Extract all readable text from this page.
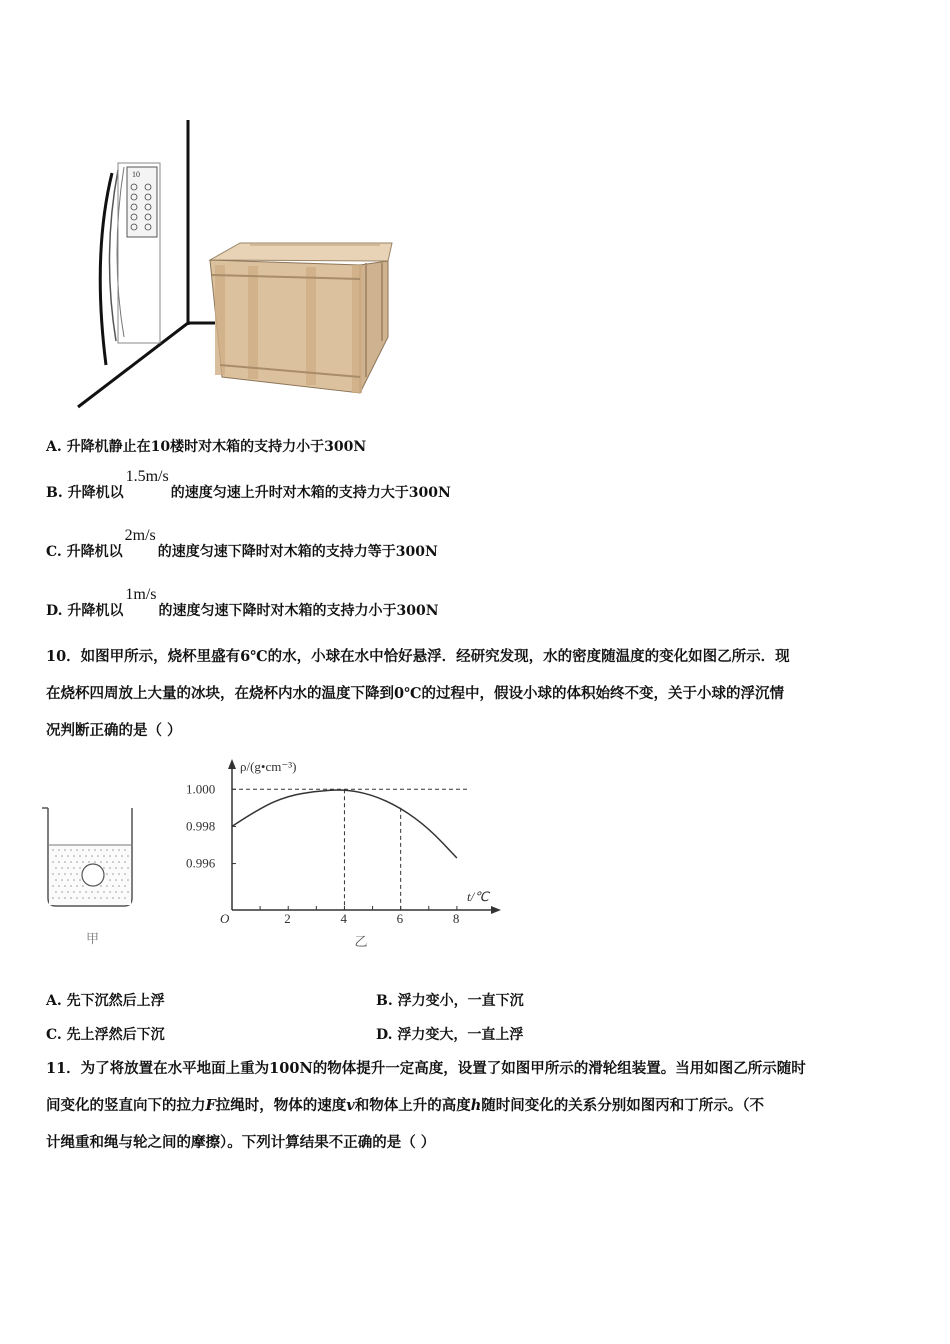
10
A. 升降机静止在10楼时对木箱的支持力小于300N
B. 升降机以1.5m/s的速度匀速上升时对木箱的支持力大于300N
C. 升降机以2m/s的速度匀速下降时对木箱的支持力等于300N
D. 升降机以1m/s的速度匀速下降时对木箱的支持力小于300N
10．如图甲所示，烧杯里盛有6℃的水，小球在水中恰好悬浮．经研究发现，水的密度随温度的变化如图乙所示．现
在烧杯四周放上大量的冰块，在烧杯内水的温度下降到0℃的过程中，假设小球的体积始终不变，关于小球的浮沉情
况判断正确的是（ ）
甲
O
ρ/(g•cm⁻³)
t/℃
2	4	6	8
1.000
0.998
0.996
乙
A. 先下沉然后上浮	B. 浮力变小，一直下沉
C. 先上浮然后下沉	D. 浮力变大，一直上浮
11．为了将放置在水平地面上重为100N的物体提升一定高度，设置了如图甲所示的滑轮组装置。当用如图乙所示随时
间变化的竖直向下的拉力F拉绳时，物体的速度v和物体上升的高度h随时间变化的关系分别如图丙和丁所示。（不
计绳重和绳与轮之间的摩擦）。下列计算结果不正确的是（ ）
